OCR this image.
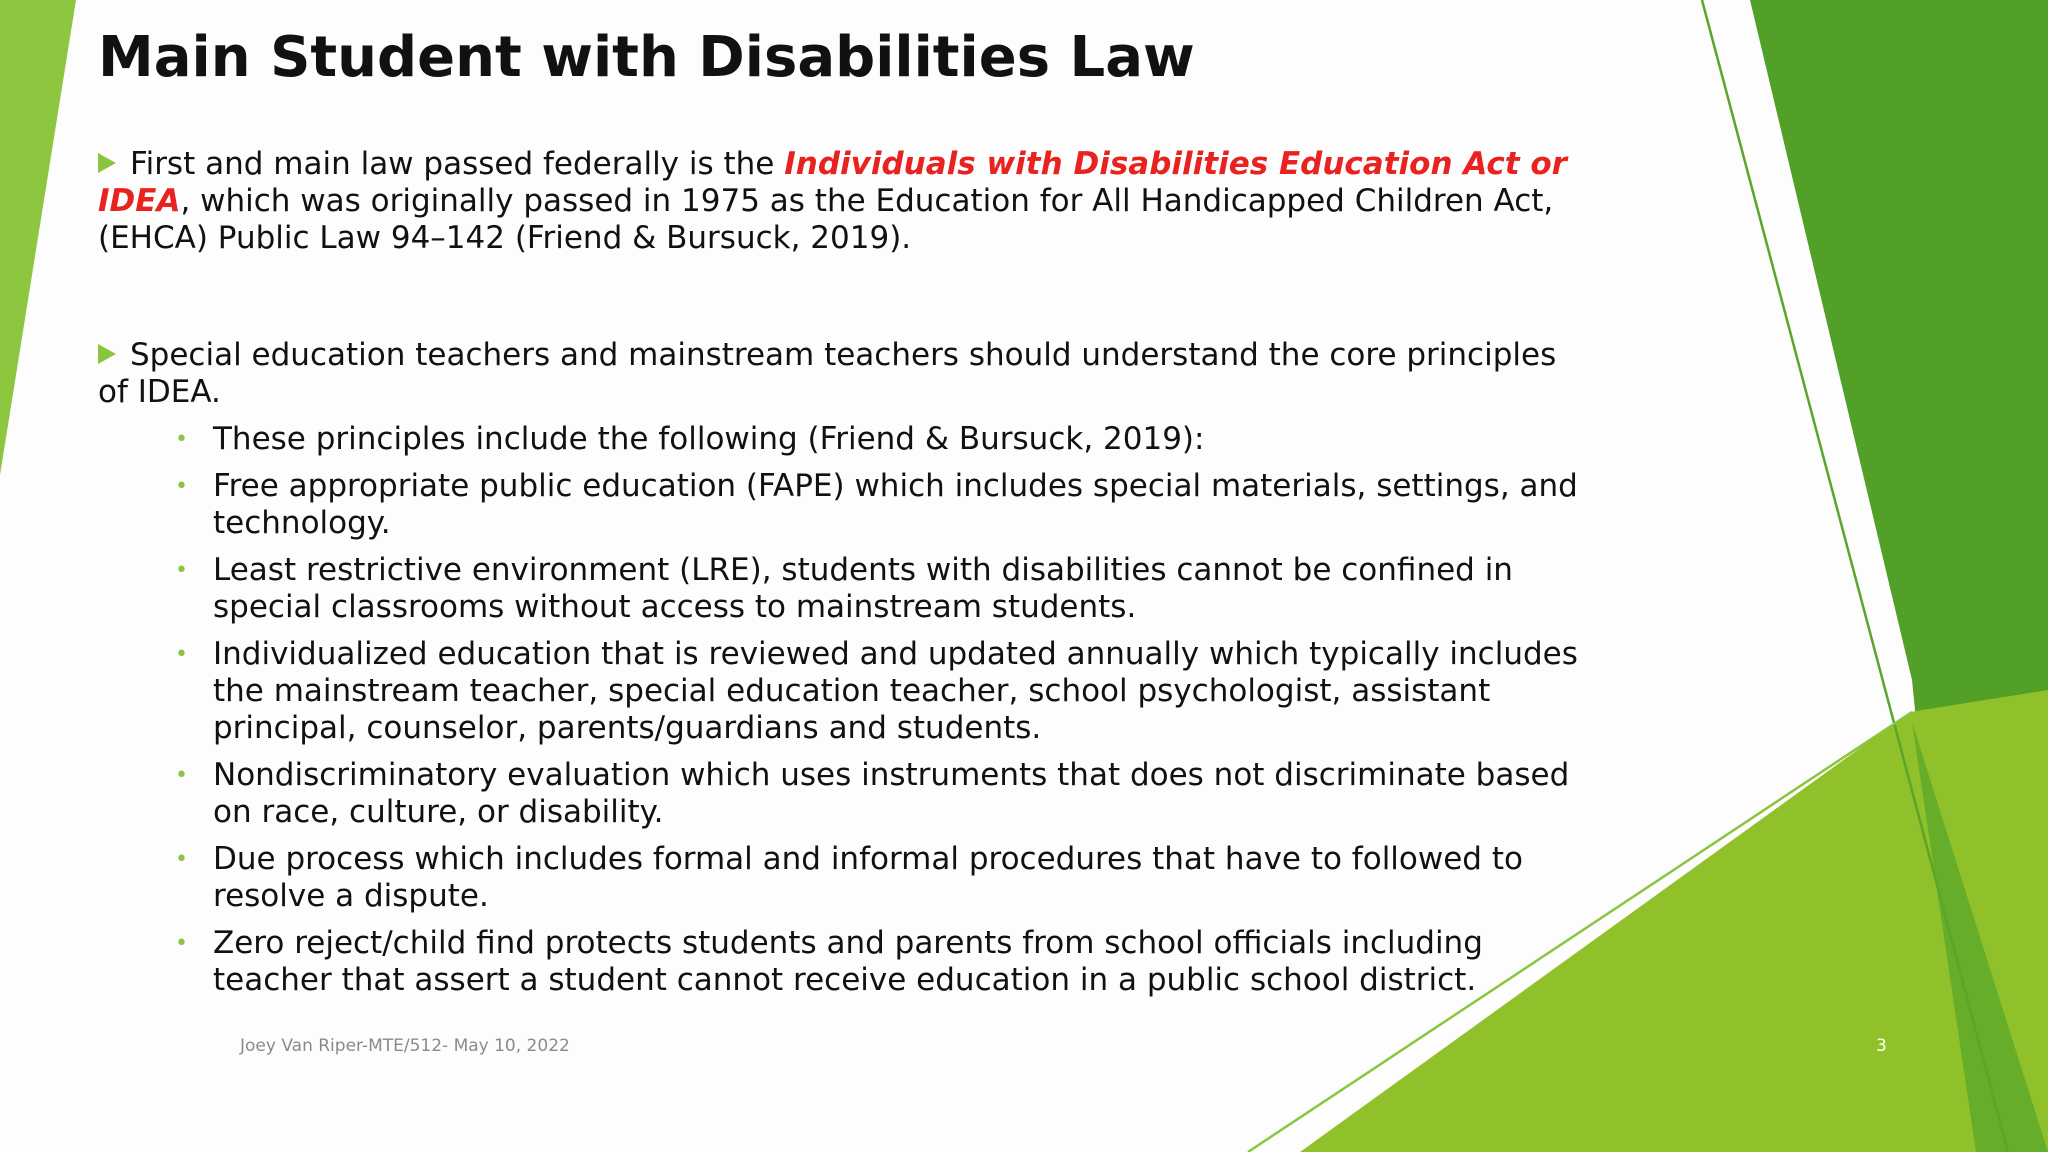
Main Student with Disabilities Law

First and main law passed federally is the Individuals with Disabilities Education Act or IDEA, which was originally passed in 1975 as the Education for All Handicapped Children Act, (EHCA) Public Law 94–142 (Friend & Bursuck, 2019).

Special education teachers and mainstream teachers should understand the core principles of IDEA.

• These principles include the following (Friend & Bursuck, 2019):
• Free appropriate public education (FAPE) which includes special materials, settings, and technology.
• Least restrictive environment (LRE), students with disabilities cannot be confined in special classrooms without access to mainstream students.
• Individualized education that is reviewed and updated annually which typically includes the mainstream teacher, special education teacher, school psychologist, assistant principal, counselor, parents/guardians and students.
• Nondiscriminatory evaluation which uses instruments that does not discriminate based on race, culture, or disability.
• Due process which includes formal and informal procedures that have to followed to resolve a dispute.
• Zero reject/child find protects students and parents from school officials including teacher that assert a student cannot receive education in a public school district.
Joey Van Riper-MTE/512- May 10, 2022	3
